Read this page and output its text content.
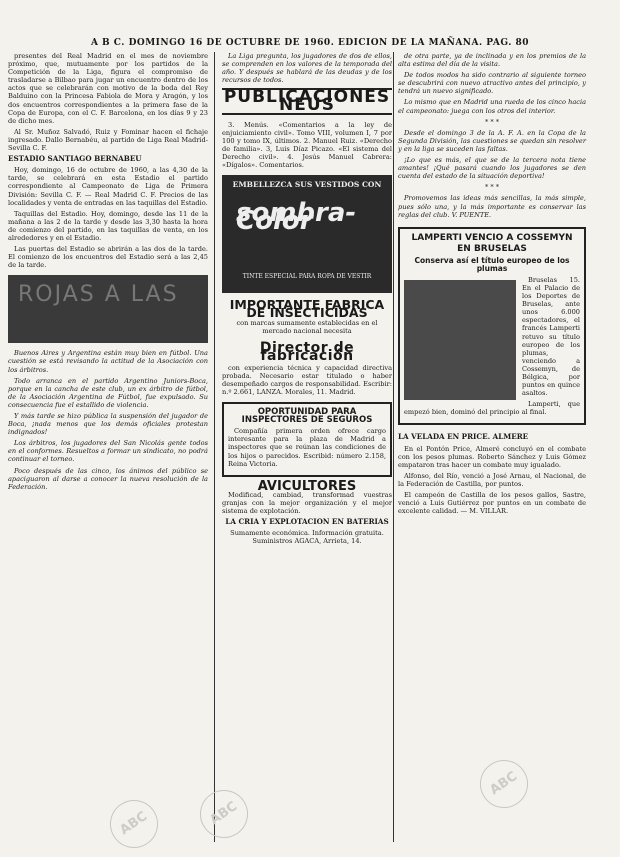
A B C. DOMINGO 16 DE OCTUBRE DE 1960. EDICION DE LA MAÑANA. PAG. 80

presentes del Real Madrid en el mes de noviembre próximo, que, mutuamente por los partidos de la Competición de la Liga, figura el compromiso de trasladarse a Bilbao para jugar un encuentro dentro de los actos que se celebrarán con motivo de la boda del Rey Balduino con la Princesa Fabiola de Mora y Aragón, y los dos encuentros correspondientes a la primera fase de la Copa de Europa, con el C. F. Barcelona, en los días 9 y 23 de dicho mes.

Al Sr. Muñoz Salvadó, Ruiz y Fominar hacen el fichaje ingresado. Dallo Bernabéu, al partido de Liga Real Madrid-Sevilla C. F.

ESTADIO SANTIAGO BERNABEU

Hoy, domingo, 16 de octubre de 1960, a las 4,30 de la tarde, se celebrará en esta Estadio el partido correspondiente al Campeonato de Liga de Primera División: Sevilla C. F. — Real Madrid C. F. Precios de las localidades y venta de entradas en las taquillas del Estadio.

Taquillas del Estadio. Hoy, domingo, desde las 11 de la mañana a las 2 de la tarde y desde las 3,30 hasta la hora de comienzo del partido, en las taquillas de venta, en los alrededores y en el Estadio.

Las puertas del Estadio se abrirán a las dos de la tarde. El comienzo de los encuentros del Estadio será a las 2,45 de la tarde.

ROJAS A LAS

Buenos Aires y Argentina están muy bien en fútbol. Una cuestión se está revisando la actitud de la Asociación con los árbitros.

Todo arranca en el partido Argentino Juniors-Boca, porque en la cancha de este club, un ex árbitro de fútbol, de la Asociación Argentina de Fútbol, fue expulsado. Su consecuencia fue el estallido de violencia.

Y más tarde se hizo pública la suspensión del jugador de Boca, ¡nada menos que los demás oficiales protestan indignados!

Los árbitros, los jugadores del San Nicolás gente todos en el conformes. Resueltos a formar un sindicato, no podrá continuar el torneo.

Poco después de las cinco, los ánimos del público se apaciguaron al darse a conocer la nueva resolución de la Federación.

La Liga pregunta, los jugadores de dos de ellos, se comprenden en los valores de la temporada del año. Y después se hablará de las deudas y de los recursos de todos.

PUBLICACIONES NEUS

3. Menús. «Comentarios a la ley de enjuiciamiento civil». Tomo VIII, volumen I, 7 por 100 y tomo IX, últimos. 2. Manuel Ruiz. «Derecho de familia». 3, Luis Díaz Picazo. «El sistema del Derecho civil». 4. Jesús Manuel Cabrera: «Dígalos». Comentarios.

EMBELLEZCA SUS VESTIDOS CON
sombra-Color
TINTE ESPECIAL PARA ROPA DE VESTIR
IMPORTANTE FABRICA DE INSECTICIDAS

con marcas sumamente establecidas en el mercado nacional necesita

Director de fabricación

con experiencia técnica y capacidad directiva probada. Necesario estar titulado o haber desempeñado cargos de responsabilidad. Escribir: n.º 2.661, LANZA. Morales, 11. Madrid.

OPORTUNIDAD PARA INSPECTORES DE SEGUROS

Compañía primera orden ofrece cargo interesante para la plaza de Madrid a inspectores que se reúnan las condiciones de los hijos o parecidos. Escribid: número 2.158, Reina Victoria.

AVICULTORES

Modificad, cambiad, transformad vuestras granjas con la mejor organización y el mejor sistema de explotación.

LA CRIA Y EXPLOTACION EN BATERIAS

Sumamente económica. Información gratuita. Suministros AGACA, Arrieta, 14.

de otra parte, ya de inclinada y en los premios de la alta estima del día de la visita.

De todos modos ha sido contrario al siguiente torneo se descubrirá con nuevo atractivo antes del principio, y tendrá un nuevo significado.

Lo mismo que en Madrid una rueda de los cinco hacia el campeonato: juega con los otros del interior.

* * *

Desde el domingo 3 de la A. F. A. en la Copa de la Segunda División, las cuestiones se quedan sin resolver y en la liga se suceden las faltas.

¡Lo que es más, el que se de la tercera nota tiene amantes! ¡Qué pasará cuando los jugadores se den cuenta del estado de la situación deportiva!

* * *

Promovemos las ideas más sencillas, la más simple, pues sólo una, y la más importante es conservar las reglas del club. V. PUENTE.

LAMPERTI VENCIO A COSSEMYN EN BRUSELAS
Conserva así el título europeo de los plumas

Bruselas 15. En el Palacio de los Deportes de Bruselas, ante unos 6.000 espectadores, el francés Lamperti retuvo su título europeo de los plumas, venciendo a Cossemyn, de Bélgica, por puntos en quince asaltos.

Lamperti, que empezó bien, dominó del principio al final.

LA VELADA EN PRICE. ALMERE

En el Pontón Price, Almeré concluyó en el combate con los pesos plumas. Roberto Sánchez y Luis Gómez empataron tras hacer un combate muy igualado.

Alfonso, del Río, venció a José Arnau, el Nacional, de la Federación de Castilla, por puntos.

El campeón de Castilla de los pesos gallos, Sastre, venció a Luis Gutiérrez por puntos en un combate de excelente calidad. — M. VILLAR.

ABC
ABC
ABC
